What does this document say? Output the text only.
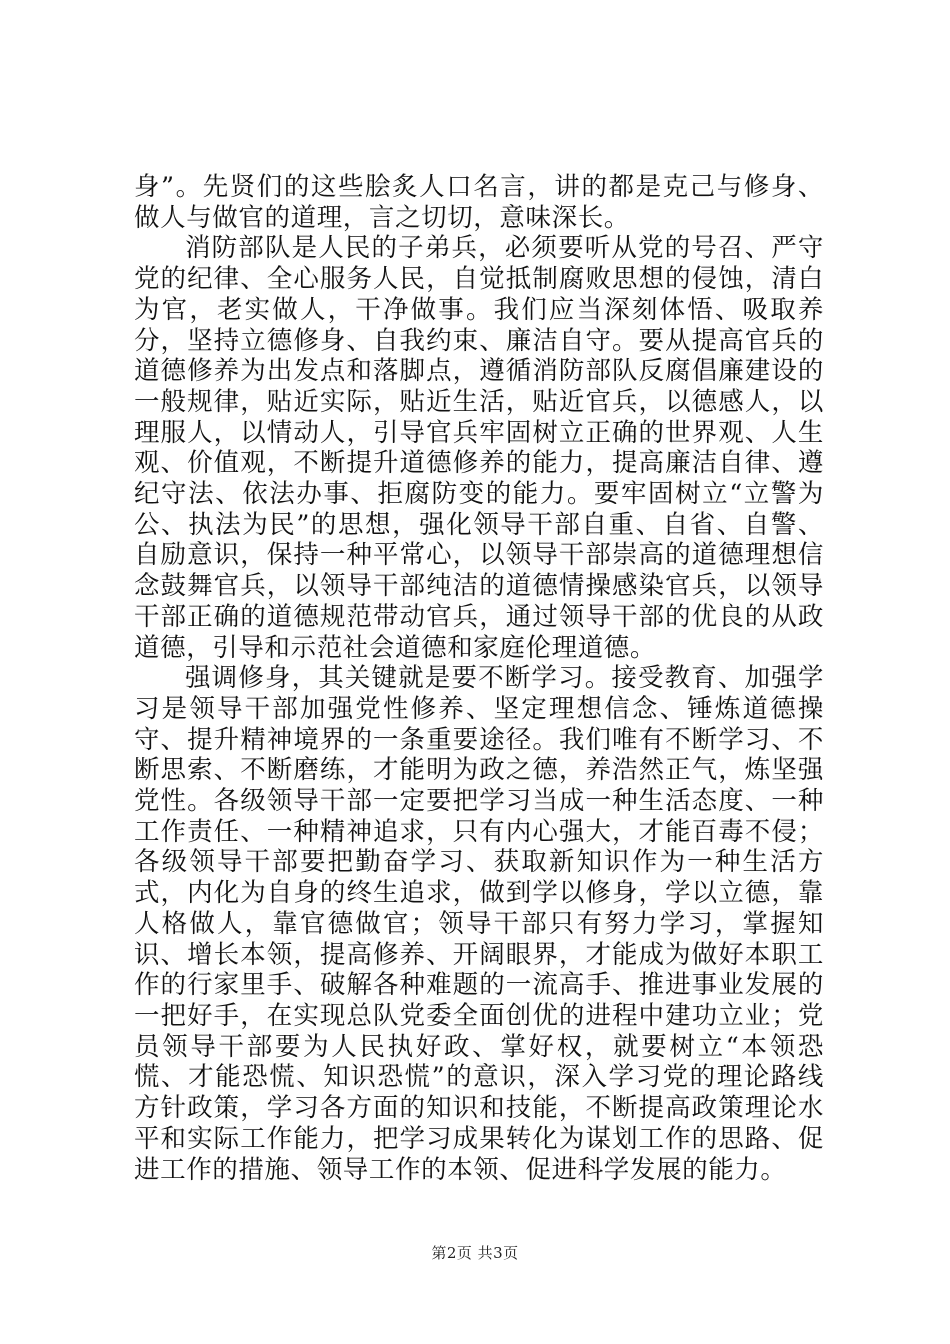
身”。先贤们的这些脍炙人口名言，讲的都是克己与修身、做人与做官的道理，言之切切，意味深长。

消防部队是人民的子弟兵，必须要听从党的号召、严守党的纪律、全心服务人民，自觉抵制腐败思想的侵蚀，清白为官，老实做人，干净做事。我们应当深刻体悟、吸取养分，坚持立德修身、自我约束、廉洁自守。要从提高官兵的道德修养为出发点和落脚点，遵循消防部队反腐倡廉建设的一般规律，贴近实际，贴近生活，贴近官兵，以德感人，以理服人，以情动人，引导官兵牢固树立正确的世界观、人生观、价值观，不断提升道德修养的能力，提高廉洁自律、遵纪守法、依法办事、拒腐防变的能力。要牢固树立“立警为公、执法为民”的思想，强化领导干部自重、自省、自警、自励意识，保持一种平常心，以领导干部崇高的道德理想信念鼓舞官兵，以领导干部纯洁的道德情操感染官兵，以领导干部正确的道德规范带动官兵，通过领导干部的优良的从政道德，引导和示范社会道德和家庭伦理道德。

强调修身，其关键就是要不断学习。接受教育、加强学习是领导干部加强党性修养、坚定理想信念、锤炼道德操守、提升精神境界的一条重要途径。我们唯有不断学习、不断思索、不断磨练，才能明为政之德，养浩然正气，炼坚强党性。各级领导干部一定要把学习当成一种生活态度、一种工作责任、一种精神追求，只有内心强大，才能百毒不侵；各级领导干部要把勤奋学习、获取新知识作为一种生活方式，内化为自身的终生追求，做到学以修身，学以立德，靠人格做人，靠官德做官；领导干部只有努力学习，掌握知识、增长本领，提高修养、开阔眼界，才能成为做好本职工作的行家里手、破解各种难题的一流高手、推进事业发展的一把好手，在实现总队党委全面创优的进程中建功立业；党员领导干部要为人民执好政、掌好权，就要树立“本领恐慌、才能恐慌、知识恐慌”的意识，深入学习党的理论路线方针政策，学习各方面的知识和技能，不断提高政策理论水平和实际工作能力，把学习成果转化为谋划工作的思路、促进工作的措施、领导工作的本领、促进科学发展的能力。

第2页 共3页
